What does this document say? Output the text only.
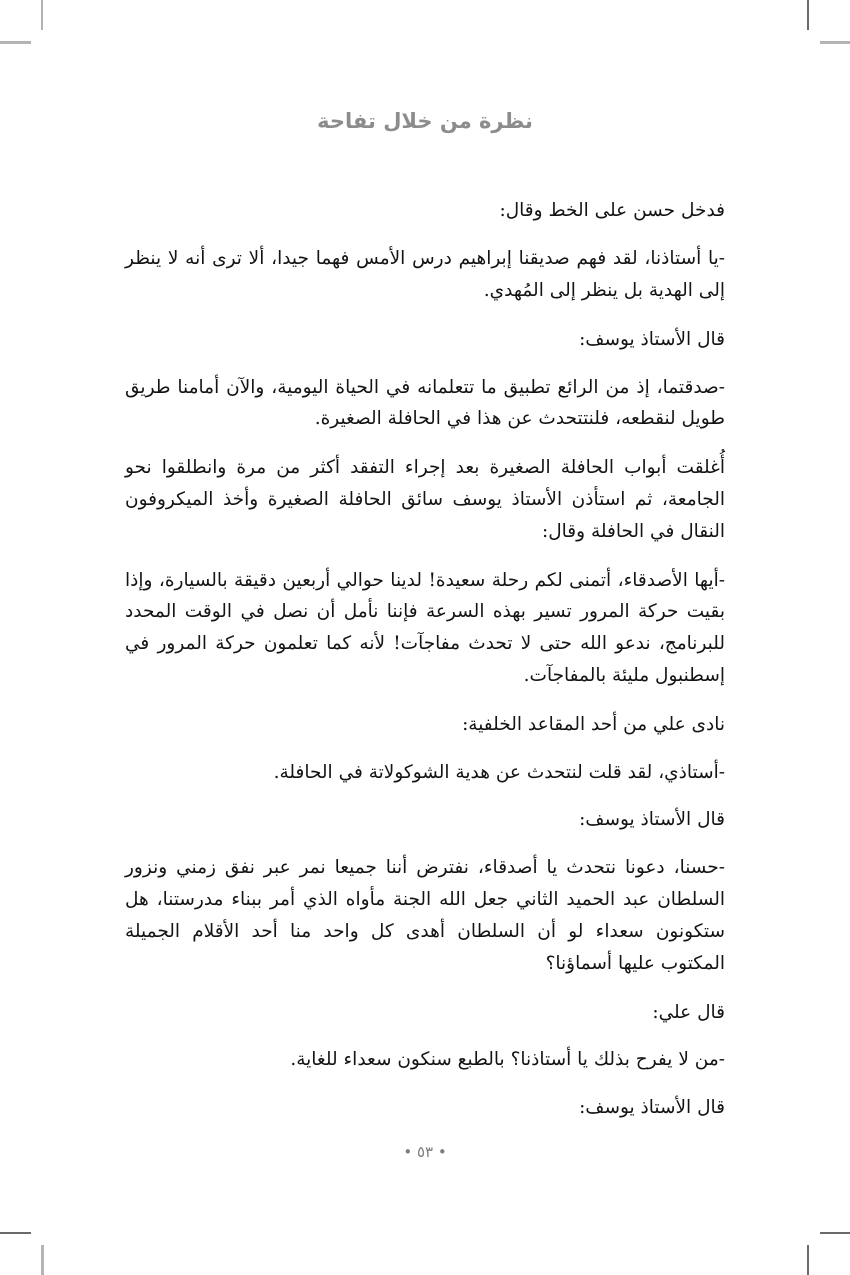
نظرة من خلال تفاحة

فدخل حسن على الخط وقال:

-يا أستاذنا، لقد فهم صديقنا إبراهيم درس الأمس فهما جيدا، ألا ترى أنه لا ينظر إلى الهدية بل ينظر إلى المُهدي.

قال الأستاذ يوسف:

-صدقتما، إذ من الرائع تطبيق ما تتعلمانه في الحياة اليومية، والآن أمامنا طريق طويل لنقطعه، فلنتتحدث عن هذا في الحافلة الصغيرة.

أُغلقت أبواب الحافلة الصغيرة بعد إجراء التفقد أكثر من مرة وانطلقوا نحو الجامعة، ثم استأذن الأستاذ يوسف سائق الحافلة الصغيرة وأخذ الميكروفون النقال في الحافلة وقال:

-أيها الأصدقاء، أتمنى لكم رحلة سعيدة! لدينا حوالي أربعين دقيقة بالسيارة، وإذا بقيت حركة المرور تسير بهذه السرعة فإننا نأمل أن نصل في الوقت المحدد للبرنامج، ندعو الله حتى لا تحدث مفاجآت! لأنه كما تعلمون حركة المرور في إسطنبول مليئة بالمفاجآت.

نادى علي من أحد المقاعد الخلفية:

-أستاذي، لقد قلت لنتحدث عن هدية الشوكولاتة في الحافلة.

قال الأستاذ يوسف:

-حسنا، دعونا نتحدث يا أصدقاء، نفترض أننا جميعا نمر عبر نفق زمني ونزور السلطان عبد الحميد الثاني جعل الله الجنة مأواه الذي أمر ببناء مدرستنا، هل ستكونون سعداء لو أن السلطان أهدى كل واحد منا أحد الأقلام الجميلة المكتوب عليها أسماؤنا؟

قال علي:

-من لا يفرح بذلك يا أستاذنا؟ بالطبع سنكون سعداء للغاية.

قال الأستاذ يوسف:

• ٥٣ •
